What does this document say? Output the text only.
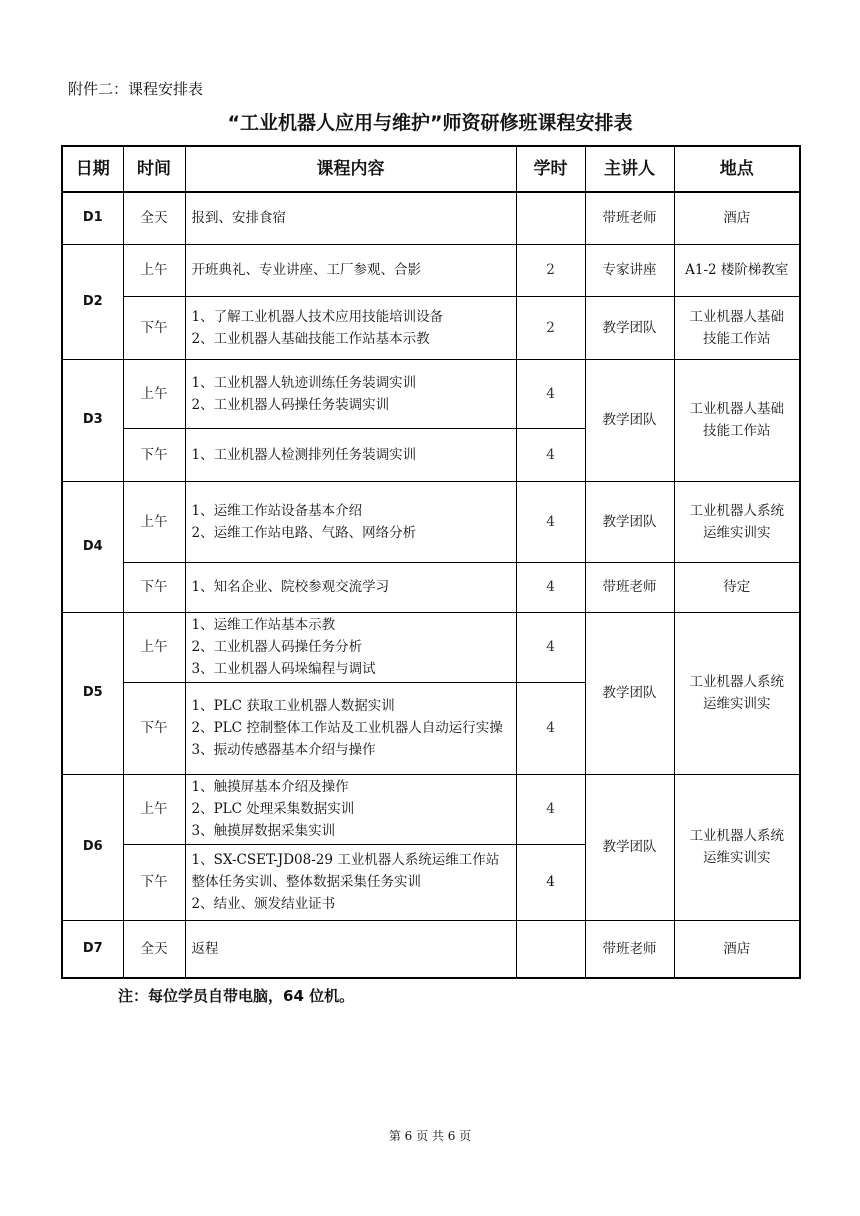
附件二：课程安排表
“工业机器人应用与维护”师资研修班课程安排表
日期	时间	课程内容	学时	主讲人	地点
D1	全天	报到、安排食宿		带班老师	酒店
D2	上午	开班典礼、专业讲座、工厂参观、合影	2	专家讲座	A1-2 楼阶梯教室
	下午	1、了解工业机器人技术应用技能培训设备
2、工业机器人基础技能工作站基本示教	2	教学团队	工业机器人基础技能工作站
D3	上午	1、工业机器人轨迹训练任务装调实训
2、工业机器人码操任务装调实训	4	教学团队	工业机器人基础技能工作站
	下午	1、工业机器人检测排列任务装调实训	4		
D4	上午	1、运维工作站设备基本介绍
2、运维工作站电路、气路、网络分析	4	教学团队	工业机器人系统运维实训实
	下午	1、知名企业、院校参观交流学习	4	带班老师	待定
D5	上午	1、运维工作站基本示教
2、工业机器人码操任务分析
3、工业机器人码垛编程与调试	4	教学团队	工业机器人系统运维实训实
	下午	1、PLC 获取工业机器人数据实训
2、PLC 控制整体工作站及工业机器人自动运行实操
3、振动传感器基本介绍与操作	4		
D6	上午	1、触摸屏基本介绍及操作
2、PLC 处理采集数据实训
3、触摸屏数据采集实训	4	教学团队	工业机器人系统运维实训实
	下午	1、SX-CSET-JD08-29 工业机器人系统运维工作站整体任务实训、整体数据采集任务实训
2、结业、颁发结业证书	4		
D7	全天	返程		带班老师	酒店
注：每位学员自带电脑，64 位机。
第 6 页 共 6 页
